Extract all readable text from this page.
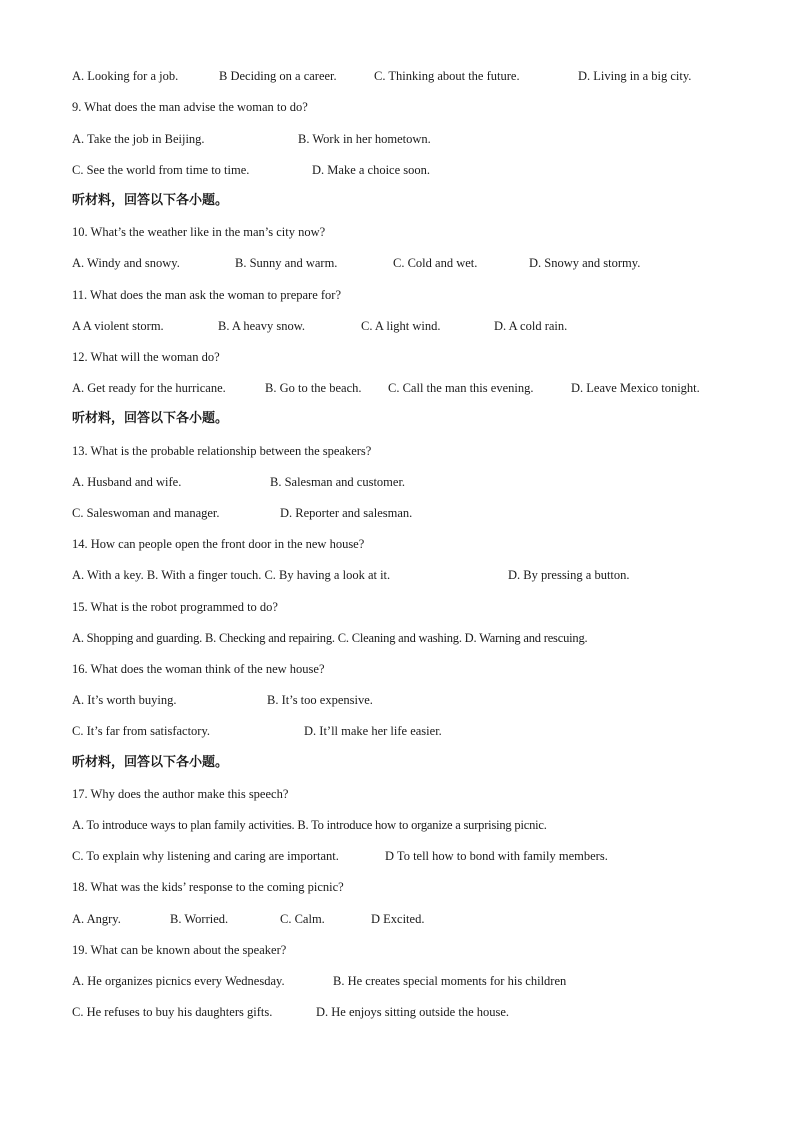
A. Looking for a job.	B Deciding on a career.	C. Thinking about the future.	D. Living in a big city.
9. What does the man advise the woman to do?
A. Take the job in Beijing.	B. Work in her hometown.
C. See the world from time to time.	D. Make a choice soon.
听材料，回答以下各小题。
10. What’s the weather like in the man’s city now?
A. Windy and snowy.	B. Sunny and warm.	C. Cold and wet.	D. Snowy and stormy.
11. What does the man ask the woman to prepare for?
A A violent storm.	B. A heavy snow.	C. A light wind.	D. A cold rain.
12. What will the woman do?
A. Get ready for the hurricane.	B. Go to the beach.	C. Call the man this evening.	D. Leave Mexico tonight.
听材料，回答以下各小题。
13. What is the probable relationship between the speakers?
A. Husband and wife.	B. Salesman and customer.
C. Saleswoman and manager.	D. Reporter and salesman.
14. How can people open the front door in the new house?
A. With a key. B. With a finger touch. C. By having a look at it.	D. By pressing a button.
15. What is the robot programmed to do?
A. Shopping and guarding. B. Checking and repairing. C. Cleaning and washing. D. Warning and rescuing.
16. What does the woman think of the new house?
A. It’s worth buying.	B. It’s too expensive.
C. It’s far from satisfactory.	D. It’ll make her life easier.
听材料，回答以下各小题。
17. Why does the author make this speech?
A. To introduce ways to plan family activities. B. To introduce how to organize a surprising picnic.
C. To explain why listening and caring are important.	D To tell how to bond with family members.
18. What was the kids’ response to the coming picnic?
A. Angry.	B. Worried.	C. Calm.	D Excited.
19. What can be known about the speaker?
A. He organizes picnics every Wednesday.	B. He creates special moments for his children
C. He refuses to buy his daughters gifts.	D. He enjoys sitting outside the house.
